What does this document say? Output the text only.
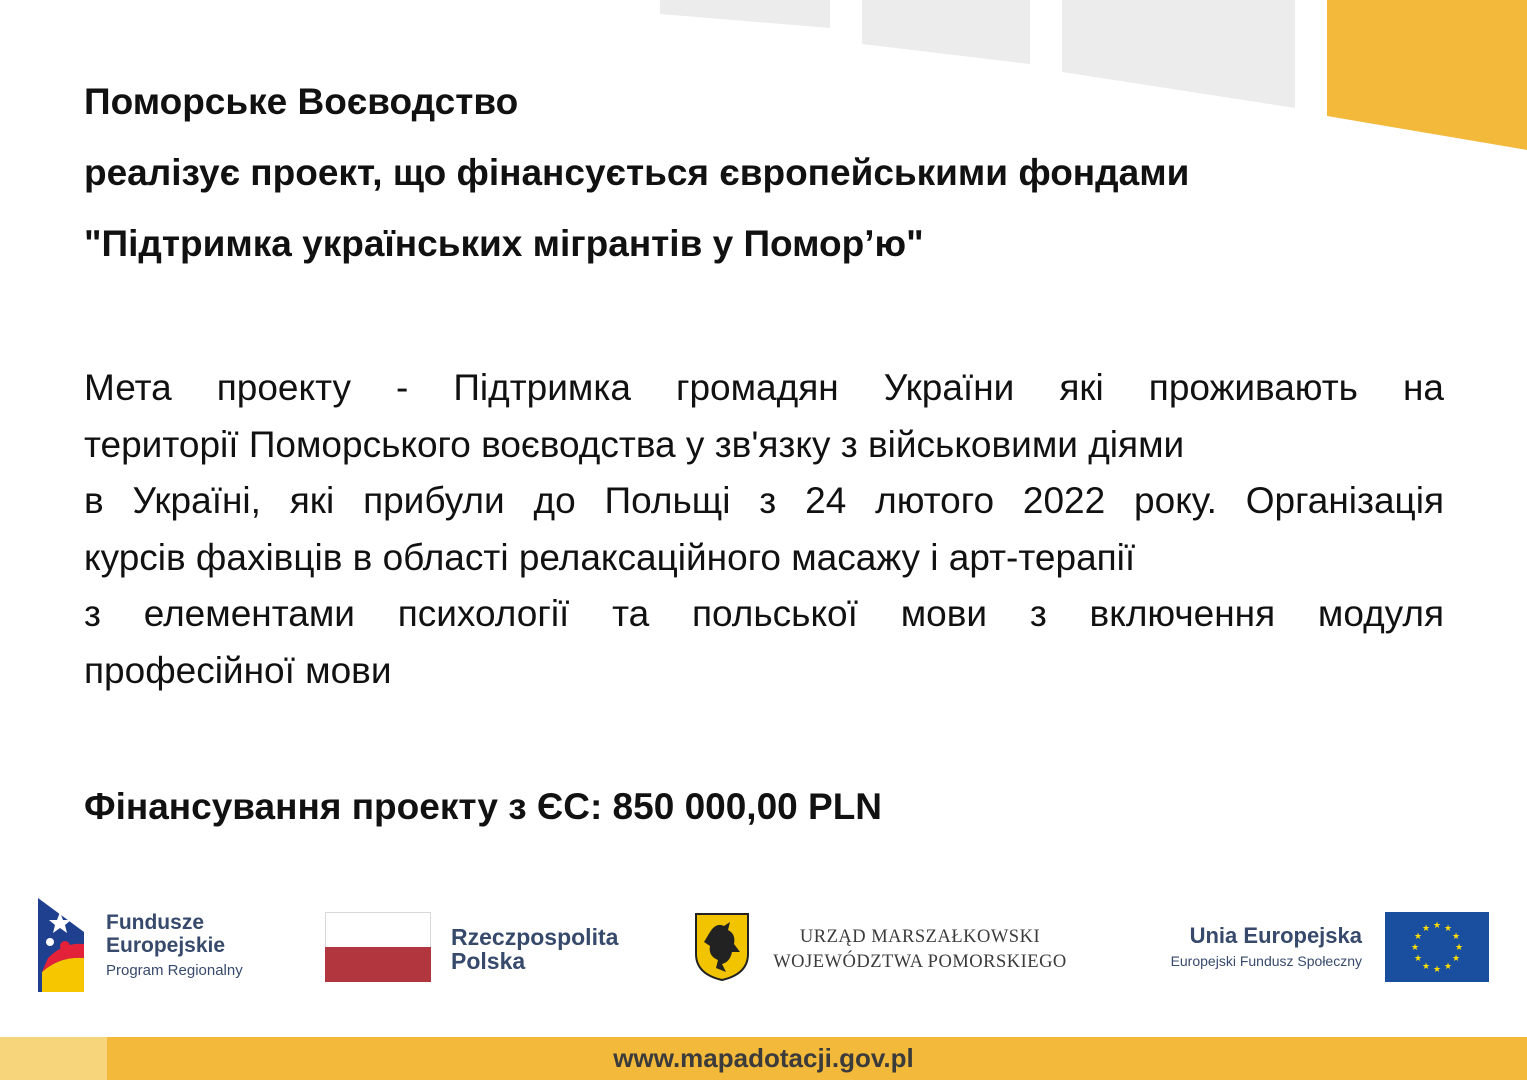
Поморське Воєводство
реалізує проект, що фінансується європейськими фондами
"Підтримка українських мігрантів у Помор’ю"
Мета проекту - Підтримка громадян України які проживають на
території Поморського воєводства у зв'язку з військовими діями
в Україні, які прибули до Польщі з 24 лютого 2022 року. Організація
курсів фахівців в області релаксаційного масажу і арт-терапії
з елементами психології та польської мови з включення модуля
професійної мови
Фінансування проекту з ЄС: 850 000,00 PLN
Fundusze
Europejskie
Program Regionalny
Rzeczpospolita
Polska
URZĄD MARSZAŁKOWSKI
WOJEWÓDZTWA POMORSKIEGO
Unia Europejska
Europejski Fundusz Społeczny
★ ★
★
★
★
★
★
★
★
★
★
★
www.mapadotacji.gov.pl
